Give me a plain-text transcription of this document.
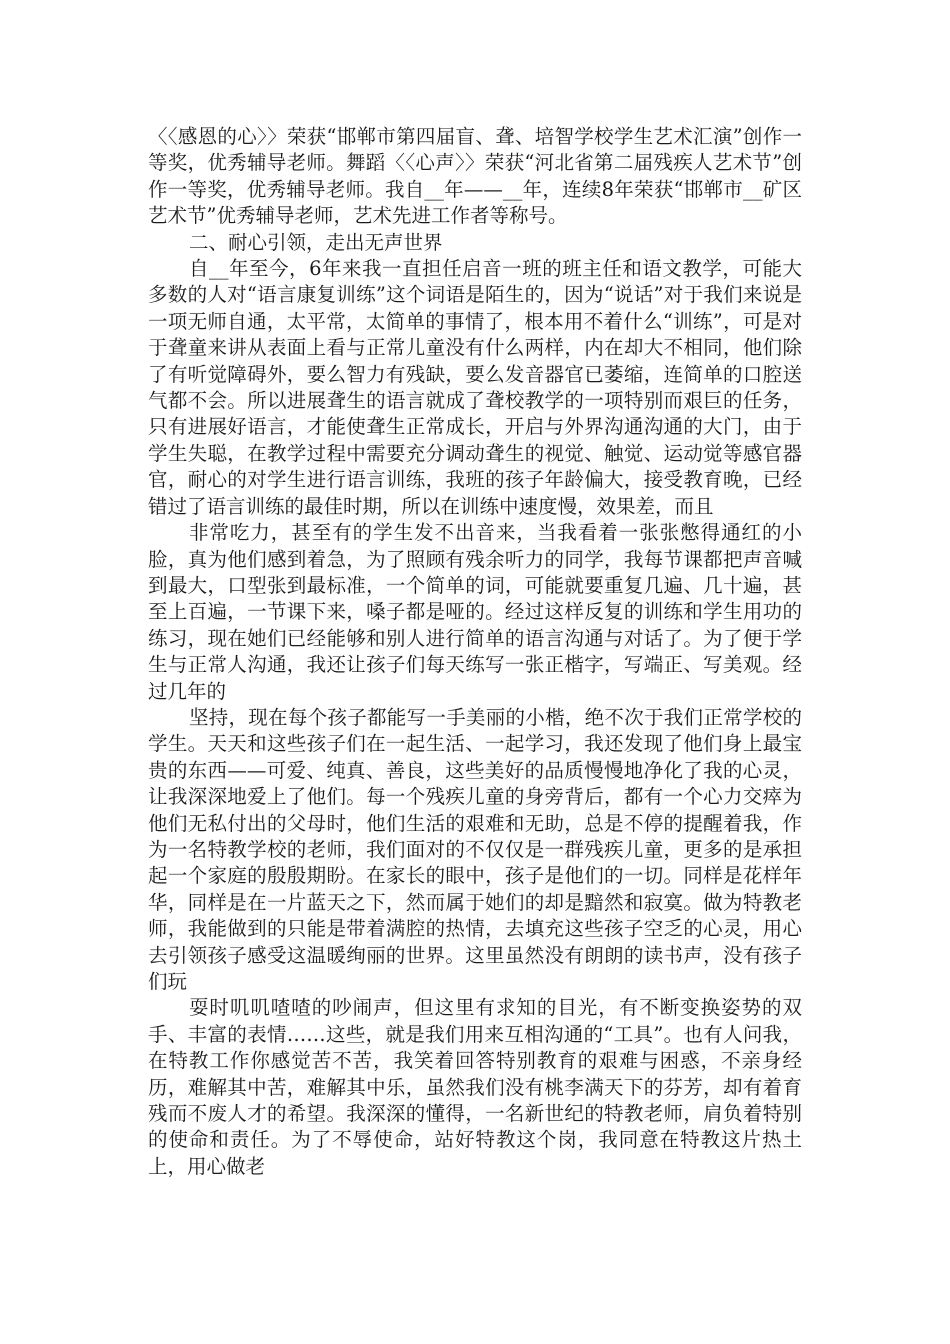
〈〈感恩的心〉〉荣获“邯郸市第四届盲、聋、培智学校学生艺术汇演”创作一等奖，优秀辅导老师。舞蹈〈〈心声〉〉荣获“河北省第二届残疾人艺术节”创作一等奖，优秀辅导老师。我自__年——__年，连续8年荣获“邯郸市__矿区艺术节”优秀辅导老师，艺术先进工作者等称号。

二、耐心引领，走出无声世界

自__年至今，6年来我一直担任启音一班的班主任和语文教学，可能大多数的人对“语言康复训练”这个词语是陌生的，因为“说话”对于我们来说是一项无师自通，太平常，太简单的事情了，根本用不着什么“训练”，可是对于聋童来讲从表面上看与正常儿童没有什么两样，内在却大不相同，他们除了有听觉障碍外，要么智力有残缺，要么发音器官已萎缩，连简单的口腔送气都不会。所以进展聋生的语言就成了聋校教学的一项特别而艰巨的任务，只有进展好语言，才能使聋生正常成长，开启与外界沟通沟通的大门，由于学生失聪，在教学过程中需要充分调动聋生的视觉、触觉、运动觉等感官器官，耐心的对学生进行语言训练，我班的孩子年龄偏大，接受教育晚，已经错过了语言训练的最佳时期，所以在训练中速度慢，效果差，而且

非常吃力，甚至有的学生发不出音来，当我看着一张张憋得通红的小脸，真为他们感到着急，为了照顾有残余听力的同学，我每节课都把声音喊到最大，口型张到最标准，一个简单的词，可能就要重复几遍、几十遍，甚至上百遍，一节课下来，嗓子都是哑的。经过这样反复的训练和学生用功的练习，现在她们已经能够和别人进行简单的语言沟通与对话了。为了便于学生与正常人沟通，我还让孩子们每天练写一张正楷字，写端正、写美观。经过几年的

坚持，现在每个孩子都能写一手美丽的小楷，绝不次于我们正常学校的学生。天天和这些孩子们在一起生活、一起学习，我还发现了他们身上最宝贵的东西——可爱、纯真、善良，这些美好的品质慢慢地净化了我的心灵，让我深深地爱上了他们。每一个残疾儿童的身旁背后，都有一个心力交瘁为他们无私付出的父母时，他们生活的艰难和无助，总是不停的提醒着我，作为一名特教学校的老师，我们面对的不仅仅是一群残疾儿童，更多的是承担起一个家庭的殷殷期盼。在家长的眼中，孩子是他们的一切。同样是花样年华，同样是在一片蓝天之下，然而属于她们的却是黯然和寂寞。做为特教老师，我能做到的只能是带着满腔的热情，去填充这些孩子空乏的心灵，用心去引领孩子感受这温暖绚丽的世界。这里虽然没有朗朗的读书声，没有孩子们玩

耍时叽叽喳喳的吵闹声，但这里有求知的目光，有不断变换姿势的双手、丰富的表情……这些，就是我们用来互相沟通的“工具”。也有人问我，在特教工作你感觉苦不苦，我笑着回答特别教育的艰难与困惑，不亲身经历，难解其中苦，难解其中乐，虽然我们没有桃李满天下的芬芳，却有着育残而不废人才的希望。我深深的懂得，一名新世纪的特教老师，肩负着特别的使命和责任。为了不辱使命，站好特教这个岗，我同意在特教这片热土上，用心做老
